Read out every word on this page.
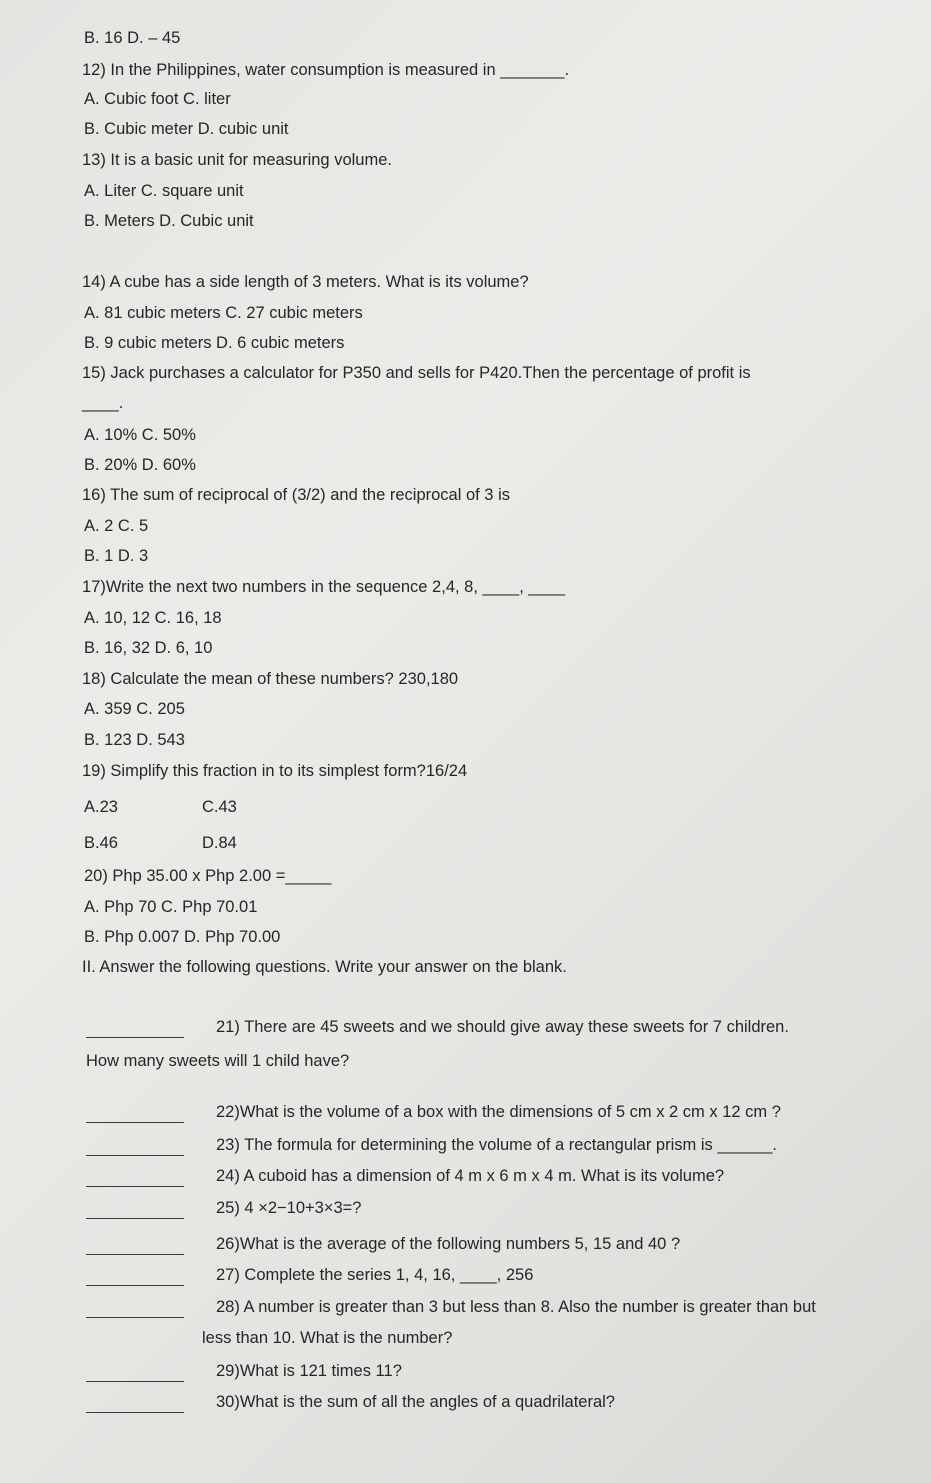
B. 16 D. – 45
12) In the Philippines, water consumption is measured in _______.
A. Cubic foot C. liter
B. Cubic meter D. cubic unit
13) It is a basic unit for measuring volume.
A. Liter C. square unit
B. Meters D. Cubic unit
14) A cube has a side length of 3 meters. What is its volume?
A. 81 cubic meters C. 27 cubic meters
B. 9 cubic meters D. 6 cubic meters
15) Jack purchases a calculator for P350 and sells for P420.Then the percentage of profit is
____.
A. 10% C. 50%
B. 20% D. 60%
16) The sum of reciprocal of (3/2) and the reciprocal of 3 is
A. 2 C. 5
B. 1 D. 3
17)Write the next two numbers in the sequence 2,4, 8, ____, ____
A. 10, 12 C. 16, 18
B. 16, 32 D. 6, 10
18) Calculate the mean of these numbers? 230,180
A. 359 C. 205
B. 123 D. 543
19) Simplify this fraction in to its simplest form?16/24
A.23	C.43
B.46	D.84
20) Php 35.00 x Php 2.00 =_____
A. Php 70 C. Php 70.01
B. Php 0.007 D. Php 70.00
II. Answer the following questions. Write your answer on the blank.
21) There are 45 sweets and we should give away these sweets for 7 children.
How many sweets will 1 child have?
22)What is the volume of a box with the dimensions of 5 cm x 2 cm x 12 cm ?
23) The formula for determining the volume of a rectangular prism is ______.
24) A cuboid has a dimension of 4 m x 6 m x 4 m. What is its volume?
25) 4 ×2−10+3×3=?
26)What is the average of the following numbers 5, 15 and 40 ?
27) Complete the series 1, 4, 16, ____, 256
28) A number is greater than 3 but less than 8. Also the number is greater than but
less than 10. What is the number?
29)What is 121 times 11?
30)What is the sum of all the angles of a quadrilateral?
